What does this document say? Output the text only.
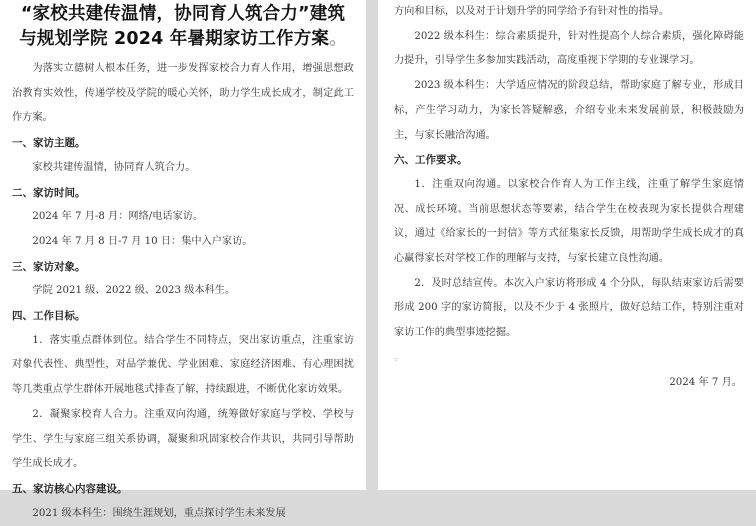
“家校共建传温情，协同育人筑合力”建筑
与规划学院 2024 年暑期家访工作方案。
为落实立德树人根本任务，进一步发挥家校合力育人作用，增强思想政治教育实效性，传递学校及学院的暖心关怀，助力学生成长成才，制定此工作方案。
一、家访主题。
家校共建传温情，协同育人筑合力。
二、家访时间。
2024 年 7 月-8 月：网络/电话家访。
2024 年 7 月 8 日-7 月 10 日：集中入户家访。
三、家访对象。
学院 2021 级、2022 级、2023 级本科生。
四、工作目标。
1．落实重点群体到位。结合学生不同特点，突出家访重点，注重家访对象代表性、典型性，对品学兼优、学业困难、家庭经济困难、有心理困扰等几类重点学生群体开展地毯式排查了解，持续跟进，不断优化家访效果。
2．凝聚家校育人合力。注重双向沟通，统筹做好家庭与学校、学校与学生、学生与家庭三组关系协调，凝聚和巩固家校合作共识，共同引导帮助学生成长成才。
五、家访核心内容建设。
2021 级本科生：围绕生涯规划，重点探讨学生未来发展
方向和目标，以及对于计划升学的同学给予有针对性的指导。
2022 级本科生：综合素质提升，针对性提高个人综合素质，强化障碍能力提升，引导学生多参加实践活动，高度重视下学期的专业课学习。
2023 级本科生：大学适应情况的阶段总结，帮助家庭了解专业，形成目标，产生学习动力，为家长答疑解惑，介绍专业未来发展前景，积极鼓励为主，与家长融洽沟通。
六、工作要求。
1．注重双向沟通。以家校合作育人为工作主线，注重了解学生家庭情况、成长环境、当前思想状态等要素，结合学生在校表现为家长提供合理建议，通过《给家长的一封信》等方式征集家长反馈，用帮助学生成长成才的真心赢得家长对学校工作的理解与支持，与家长建立良性沟通。
2．及时总结宣传。本次入户家访将形成 4 个分队，每队结束家访后需要形成 200 字的家访简报，以及不少于 4 张照片，做好总结工作，特别注重对家访工作的典型事迹挖掘。
。
2024 年 7 月。
